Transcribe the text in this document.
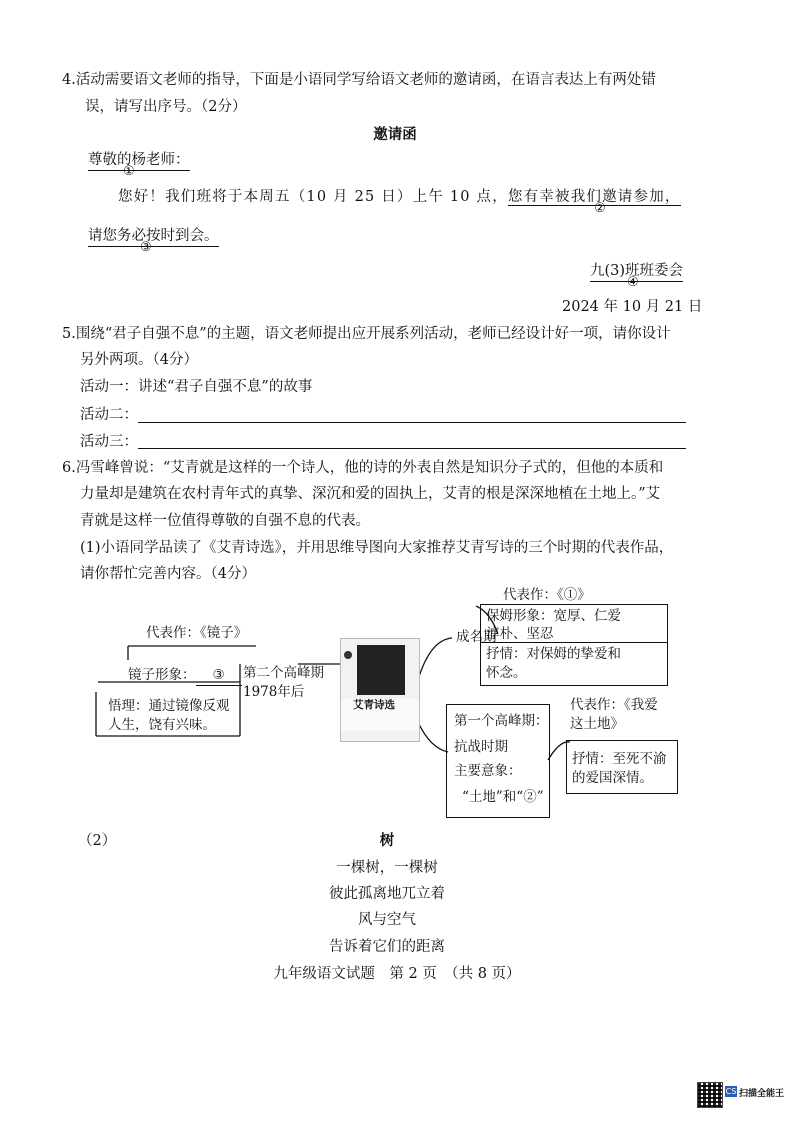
4.活动需要语文老师的指导，下面是小语同学写给语文老师的邀请函，在语言表达上有两处错
误，请写出序号。（2分）
邀请函
尊敬的杨老师：
①
您好！我们班将于本周五（10 月 25 日）上午 10 点，您有幸被我们邀请参加，
②
请您务必按时到会。
③
九(3)班班委会
④
2024 年 10 月 21 日
5.围绕“君子自强不息”的主题，语文老师提出应开展系列活动，老师已经设计好一项，请你设计
另外两项。（4分）
活动一：讲述“君子自强不息”的故事
活动二：
活动三：
6.冯雪峰曾说：“艾青就是这样的一个诗人，他的诗的外表自然是知识分子式的，但他的本质和
力量却是建筑在农村青年式的真挚、深沉和爱的固执上，艾青的根是深深地植在土地上。”艾
青就是这样一位值得尊敬的自强不息的代表。
(1)小语同学品读了《艾青诗选》，并用思维导图向大家推荐艾青写诗的三个时期的代表作品，
请你帮忙完善内容。（4分）
代表作：《镜子》
镜子形象： ③
悟理：通过镜像反观
人生，饶有兴味。
第二个高峰期
1978年后
艾青诗选
成名期
代表作：《①》
保姆形象：宽厚、仁爱
淳朴、坚忍
抒情：对保姆的挚爱和
怀念。
第一个高峰期：
抗战时期
主要意象：
“土地”和“②”
代表作：《我爱
这土地》
抒情：至死不渝
的爱国深情。
（2）	树
一棵树，一棵树
彼此孤离地兀立着
风与空气
告诉着它们的距离
九年级语文试题　第 2 页　（共 8 页）
CS 扫描全能王
